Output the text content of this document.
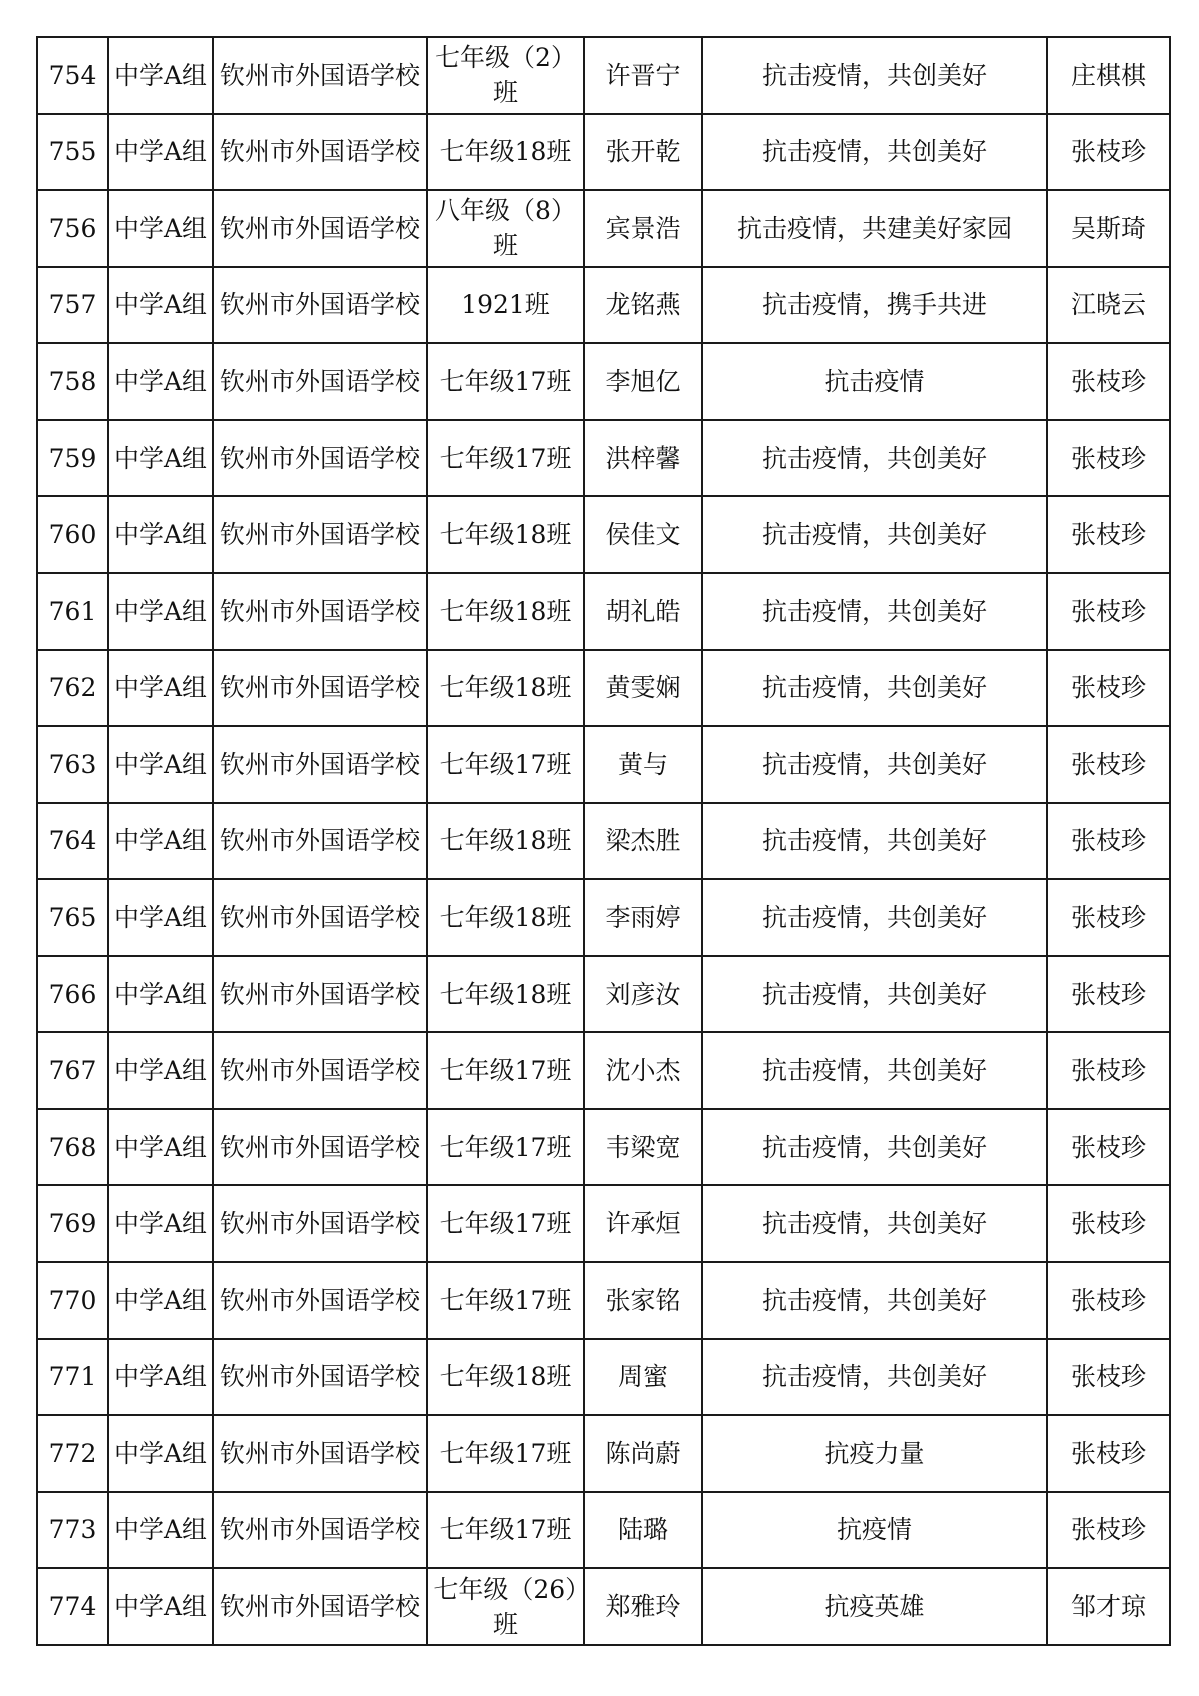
754	中学A组	钦州市外国语学校	七年级（2）班	许晋宁	抗击疫情，共创美好	庄棋棋
755	中学A组	钦州市外国语学校	七年级18班	张开乾	抗击疫情，共创美好	张枝珍
756	中学A组	钦州市外国语学校	八年级（8）班	宾景浩	抗击疫情，共建美好家园	吴斯琦
757	中学A组	钦州市外国语学校	1921班	龙铭燕	抗击疫情，携手共进	江晓云
758	中学A组	钦州市外国语学校	七年级17班	李旭亿	抗击疫情	张枝珍
759	中学A组	钦州市外国语学校	七年级17班	洪梓馨	抗击疫情，共创美好	张枝珍
760	中学A组	钦州市外国语学校	七年级18班	侯佳文	抗击疫情，共创美好	张枝珍
761	中学A组	钦州市外国语学校	七年级18班	胡礼皓	抗击疫情，共创美好	张枝珍
762	中学A组	钦州市外国语学校	七年级18班	黄雯娴	抗击疫情，共创美好	张枝珍
763	中学A组	钦州市外国语学校	七年级17班	黄与	抗击疫情，共创美好	张枝珍
764	中学A组	钦州市外国语学校	七年级18班	梁杰胜	抗击疫情，共创美好	张枝珍
765	中学A组	钦州市外国语学校	七年级18班	李雨婷	抗击疫情，共创美好	张枝珍
766	中学A组	钦州市外国语学校	七年级18班	刘彦汝	抗击疫情，共创美好	张枝珍
767	中学A组	钦州市外国语学校	七年级17班	沈小杰	抗击疫情，共创美好	张枝珍
768	中学A组	钦州市外国语学校	七年级17班	韦梁宽	抗击疫情，共创美好	张枝珍
769	中学A组	钦州市外国语学校	七年级17班	许承烜	抗击疫情，共创美好	张枝珍
770	中学A组	钦州市外国语学校	七年级17班	张家铭	抗击疫情，共创美好	张枝珍
771	中学A组	钦州市外国语学校	七年级18班	周蜜	抗击疫情，共创美好	张枝珍
772	中学A组	钦州市外国语学校	七年级17班	陈尚蔚	抗疫力量	张枝珍
773	中学A组	钦州市外国语学校	七年级17班	陆璐	抗疫情	张枝珍
774	中学A组	钦州市外国语学校	七年级（26）班	郑雅玲	抗疫英雄	邹才琼
